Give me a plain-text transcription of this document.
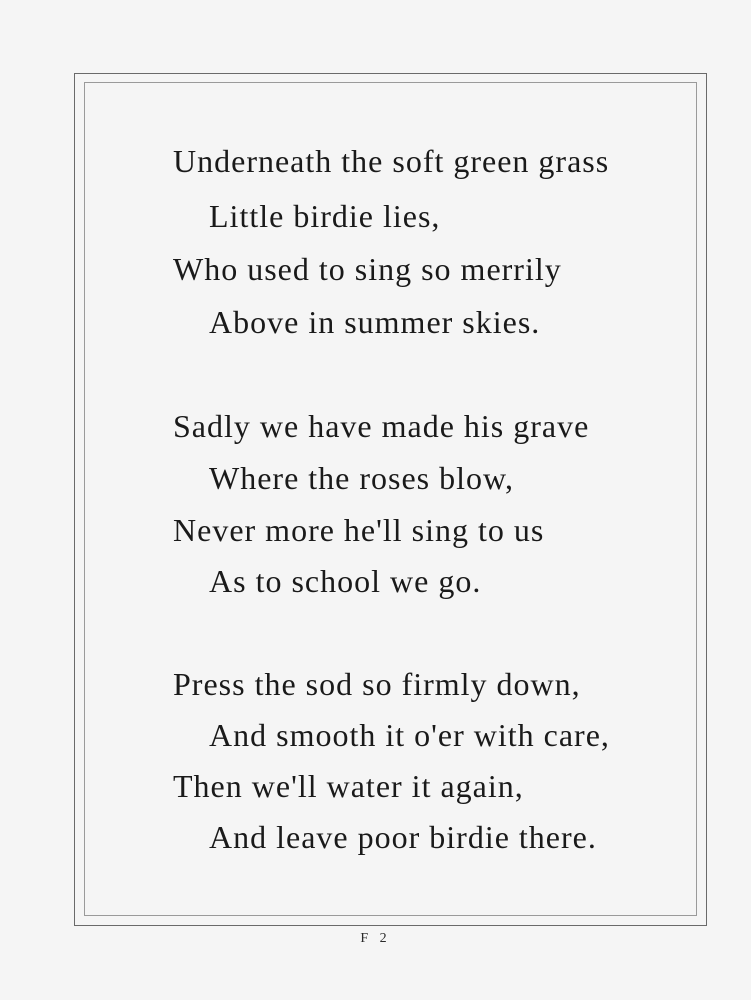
Underneath the soft green grass
Little birdie lies,
Who used to sing so merrily
Above in summer skies.
Sadly we have made his grave
Where the roses blow,
Never more he'll sing to us
As to school we go.
Press the sod so firmly down,
And smooth it o'er with care,
Then we'll water it again,
And leave poor birdie there.
F 2
